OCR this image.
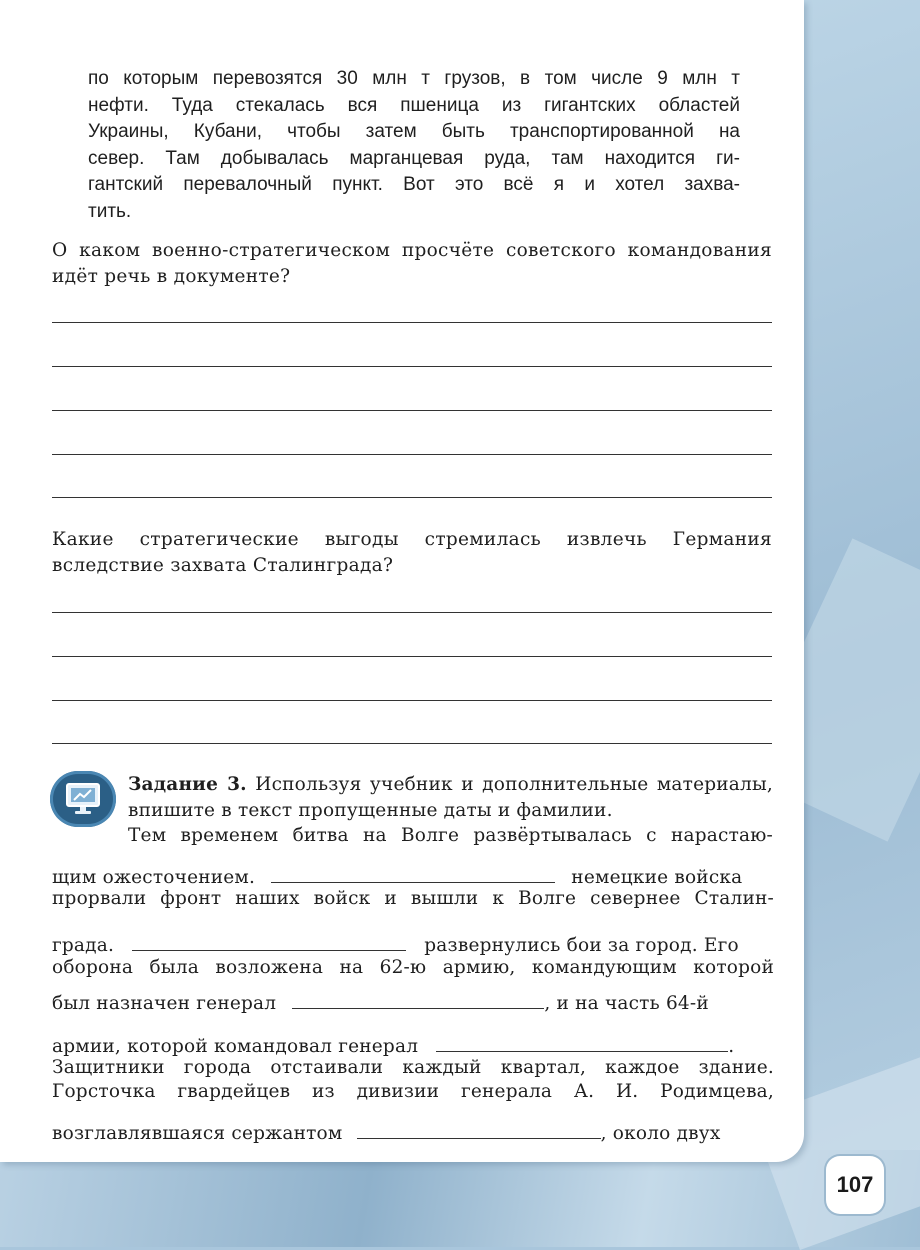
по которым перевозятся 30 млн т грузов, в том числе 9 млн т

нефти. Туда стекалась вся пшеница из гигантских областей

Украины, Кубани, чтобы затем быть транспортированной на

север. Там добывалась марганцевая руда, там находится ги-

гантский перевалочный пункт. Вот это всё я и хотел захва-

тить.

О каком военно-стратегическом просчёте советского командования идёт речь в документе?
Какие стратегические выгоды стремилась извлечь Германия вследствие захвата Сталинграда?

Задание 3. Используя учебник и дополнительные материалы, впишите в текст пропущенные даты и фамилии.

Тем временем битва на Волге развёртывалась с нарастаю-

щим ожесточением.	немецкие войска
прорвали фронт наших войск и вышли к Волге севернее Сталин-
града.	развернулись бои за город. Его
оборона была возложена на 62-ю армию, командующим которой
был назначен генерал	, и на часть 64-й
армии, которой командовал генерал	.
Защитники города отстаивали каждый квартал, каждое здание.
Горсточка гвардейцев из дивизии генерала А. И. Родимцева,
возглавлявшаяся сержантом	, около двух
107
